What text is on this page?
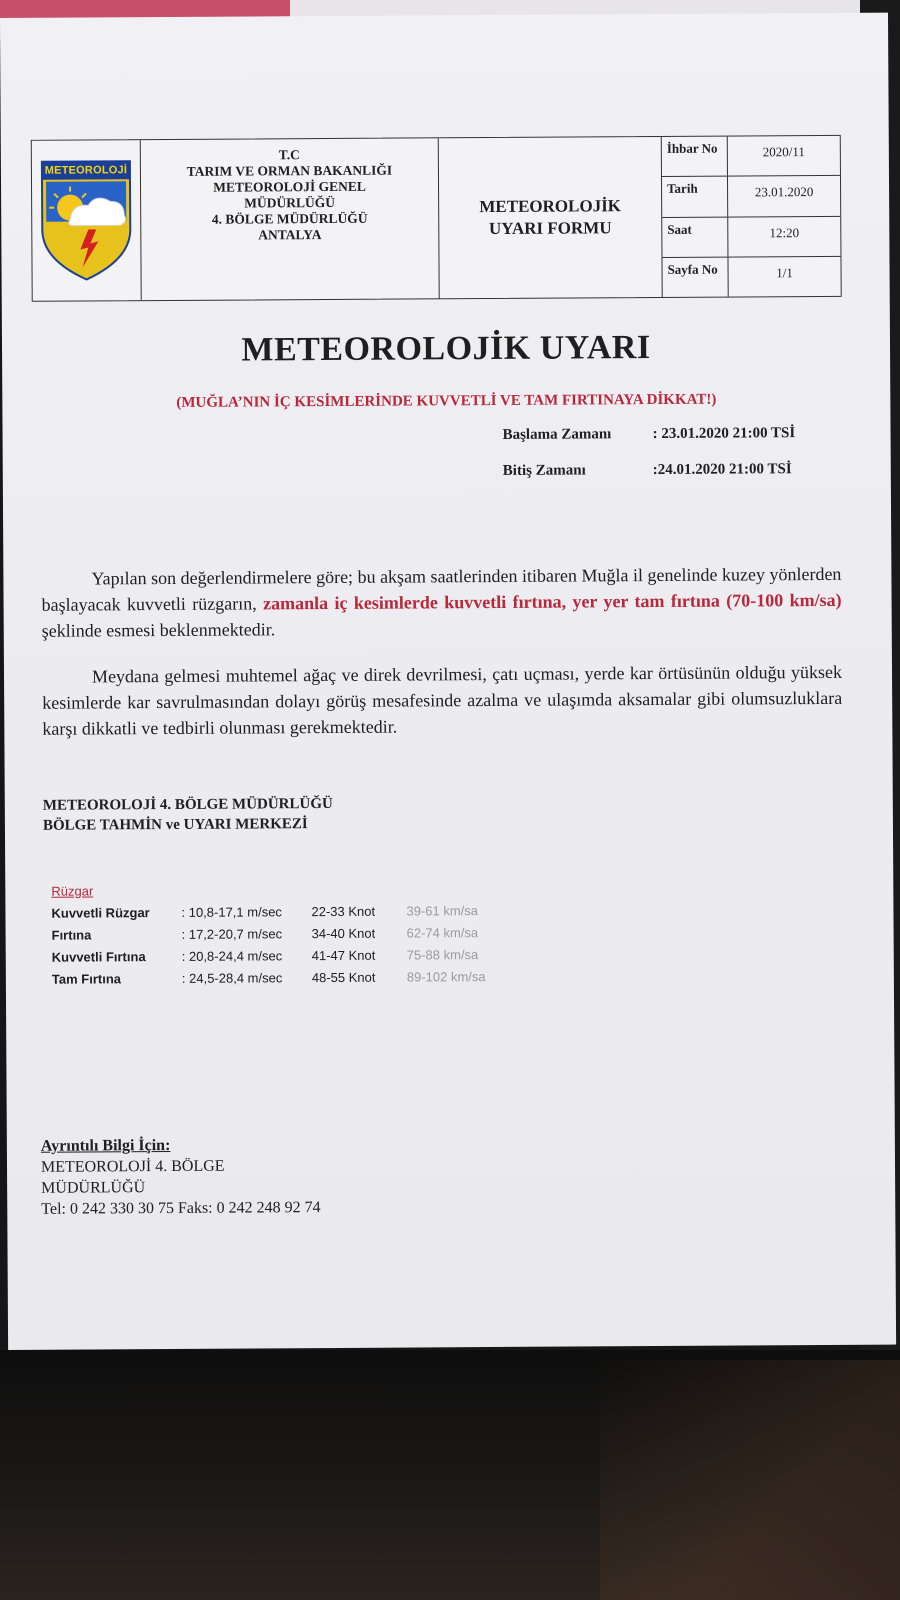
METEOROLOJİ
T.C
TARIM VE ORMAN BAKANLIĞI
METEOROLOJİ GENEL
MÜDÜRLÜĞÜ
4. BÖLGE MÜDÜRLÜĞÜ
ANTALYA
METEOROLOJİK
UYARI FORMU
İhbar No	2020/11
Tarih	23.01.2020
Saat	12:20
Sayfa No	1/1
METEOROLOJİK UYARI
(MUĞLA’NIN İÇ KESİMLERİNDE KUVVETLİ VE TAM FIRTINAYA DİKKAT!)
Başlama Zamanı	: 23.01.2020 21:00 TSİ
Bitiş Zamanı	:24.01.2020 21:00 TSİ
Yapılan son değerlendirmelere göre; bu akşam saatlerinden itibaren Muğla il genelinde kuzey yönlerden başlayacak kuvvetli rüzgarın, zamanla iç kesimlerde kuvvetli fırtına, yer yer tam fırtına (70-100 km/sa) şeklinde esmesi beklenmektedir.
Meydana gelmesi muhtemel ağaç ve direk devrilmesi, çatı uçması, yerde kar örtüsünün olduğu yüksek kesimlerde kar savrulmasından dolayı görüş mesafesinde azalma ve ulaşımda aksamalar gibi olumsuzluklara karşı dikkatli ve tedbirli olunması gerekmektedir.
METEOROLOJİ 4. BÖLGE MÜDÜRLÜĞÜ
BÖLGE TAHMİN ve UYARI MERKEZİ
Rüzgar
Kuvvetli Rüzgar	: 10,8-17,1 m/sec	22-33 Knot	39-61 km/sa
Fırtına	: 17,2-20,7 m/sec	34-40 Knot	62-74 km/sa
Kuvvetli Fırtına	: 20,8-24,4 m/sec	41-47 Knot	75-88 km/sa
Tam Fırtına	: 24,5-28,4 m/sec	48-55 Knot	89-102 km/sa
Ayrıntılı Bilgi İçin:
METEOROLOJİ 4. BÖLGE
MÜDÜRLÜĞÜ
Tel: 0 242 330 30 75 Faks: 0 242 248 92 74
